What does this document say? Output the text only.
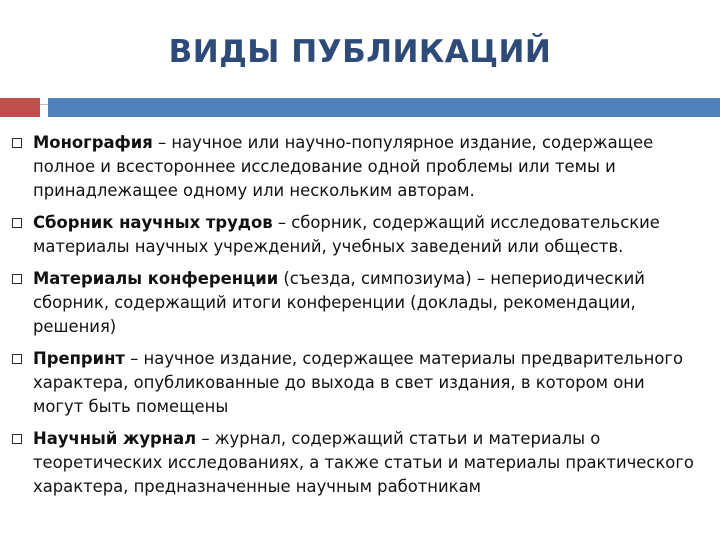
ВИДЫ ПУБЛИКАЦИЙ
Монография – научное или научно-популярное издание, содержащее полное и всестороннее исследование одной проблемы или темы и принадлежащее одному или нескольким авторам.
Сборник научных трудов – сборник, содержащий исследовательские материалы научных учреждений, учебных заведений или обществ.
Материалы конференции (съезда, симпозиума) – непериодический сборник, содержащий итоги конференции (доклады, рекомендации, решения)
Препринт – научное издание, содержащее материалы предварительного характера, опубликованные до выхода в свет издания, в котором они могут быть помещены
Научный журнал – журнал, содержащий статьи и материалы о теоретических исследованиях, а также статьи и материалы практического характера, предназначенные научным работникам
